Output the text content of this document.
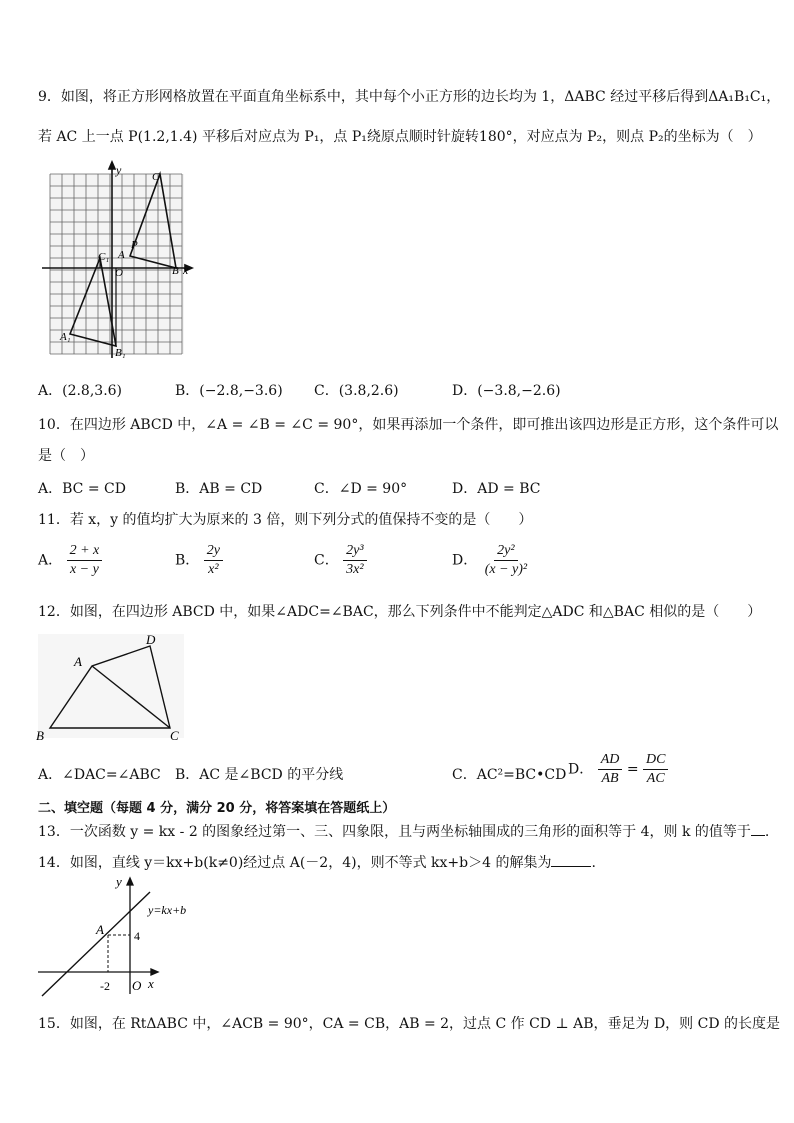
9．如图，将正方形网格放置在平面直角坐标系中，其中每个小正方形的边长均为 1，ΔABC 经过平移后得到ΔA₁B₁C₁，
若 AC 上一点 P(1.2,1.4) 平移后对应点为 P₁，点 P₁绕原点顺时针旋转180°，对应点为 P₂，则点 P₂的坐标为（　）
y
x
O
A
B
C
P
C₁
A₁
B₁
A．(2.8,3.6)	B．(−2.8,−3.6) C．(3.8,2.6)	D．(−3.8,−2.6)
10．在四边形 ABCD 中，∠A = ∠B = ∠C = 90°，如果再添加一个条件，即可推出该四边形是正方形，这个条件可以
是（　）
A．BC = CD	B．AB = CD	C．∠D = 90°	D．AD = BC
11．若 x，y 的值均扩大为原来的 3 倍，则下列分式的值保持不变的是（　　）
A． $\frac{2 + x}{x - y}$	B． $\frac{2y}{\text{x²}}$	C． $\frac{\text{2y³}}{\text{3x²}}$	D． $\frac{\text{2y²}}{\text{(x − y)²}}$
12．如图，在四边形 ABCD 中，如果∠ADC=∠BAC，那么下列条件中不能判定△ADC 和△BAC 相似的是（　　）
A
B	C
D
A．∠DAC=∠ABC B．AC 是∠BCD 的平分线	C．AC²=BC•CD D． $\frac{AD}{AB} = \frac{DC}{AC}$
二、填空题（每题 4 分，满分 20 分，将答案填在答题纸上）
13．一次函数 y = kx - 2 的图象经过第一、三、四象限，且与两坐标轴围成的三角形的面积等于 4，则 k 的值等于 .
14．如图，直线 y＝kx+b(k≠0)经过点 A(－2，4)，则不等式 kx+b＞4 的解集为	.
y
x
O
A	4
-2
y=kx+b
15．如图，在 RtΔABC 中，∠ACB = 90°，CA = CB，AB = 2，过点 C 作 CD ⊥ AB，垂足为 D，则 CD 的长度是
